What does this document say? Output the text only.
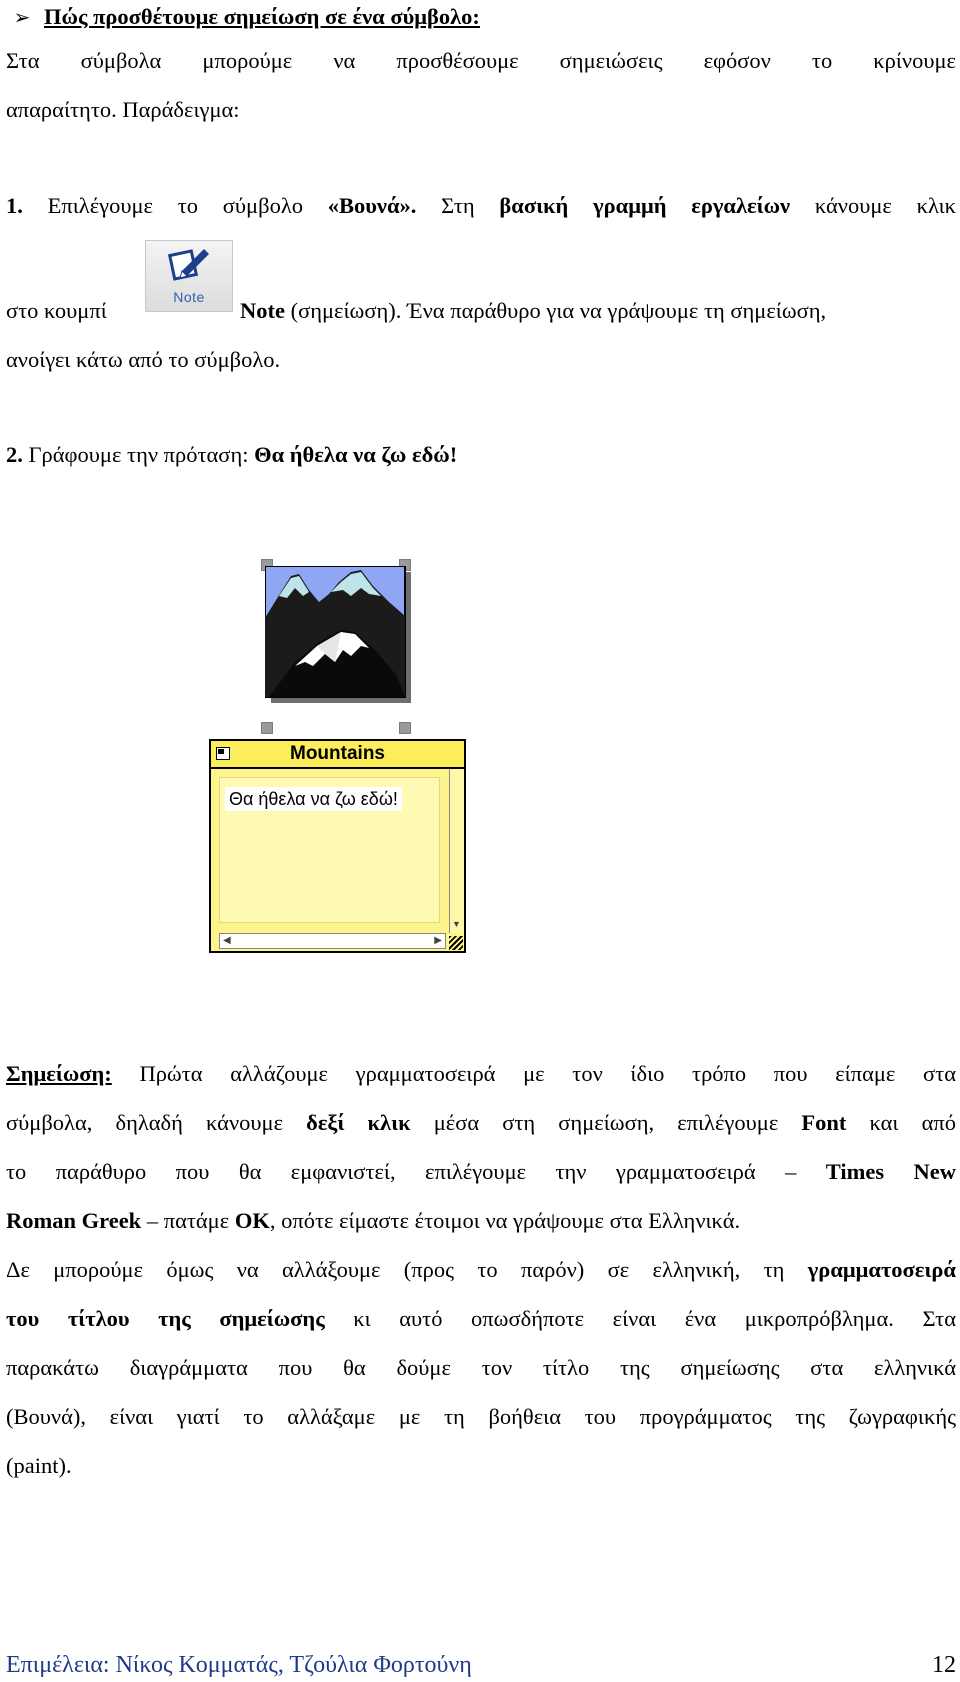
➢ Πώς προσθέτουμε σημείωση σε ένα σύμβολο:
Στα σύμβολα μπορούμε να προσθέσουμε σημειώσεις εφόσον το κρίνουμε
απαραίτητο. Παράδειγμα:
1. Επιλέγουμε το σύμβολο «Βουνά». Στη βασική γραμμή εργαλείων κάνουμε κλικ
στο κουμπί
Note
Note (σημείωση). Ένα παράθυρο για να γράψουμε τη σημείωση,
ανοίγει κάτω από το σύμβολο.
2. Γράφουμε την πρόταση: Θα ήθελα να ζω εδώ!
Mountains
Θα ήθελα να ζω εδώ!
▼
◀	▶
Σημείωση: Πρώτα αλλάζουμε γραμματοσειρά με τον ίδιο τρόπο που είπαμε στα
σύμβολα, δηλαδή κάνουμε δεξί κλικ μέσα στη σημείωση, επιλέγουμε Font και από
το παράθυρο που θα εμφανιστεί, επιλέγουμε την γραμματοσειρά – Times New
Roman Greek – πατάμε OK, οπότε είμαστε έτοιμοι να γράψουμε στα Ελληνικά.
Δε μπορούμε όμως να αλλάξουμε (προς το παρόν) σε ελληνική, τη γραμματοσειρά
του τίτλου της σημείωσης κι αυτό οπωσδήποτε είναι ένα μικροπρόβλημα. Στα
παρακάτω διαγράμματα που θα δούμε τον τίτλο της σημείωσης στα ελληνικά
(Βουνά), είναι γιατί το αλλάξαμε με τη βοήθεια του προγράμματος της ζωγραφικής
(paint).
Επιμέλεια: Νίκος Κομματάς, Τζούλια Φορτούνη	12
